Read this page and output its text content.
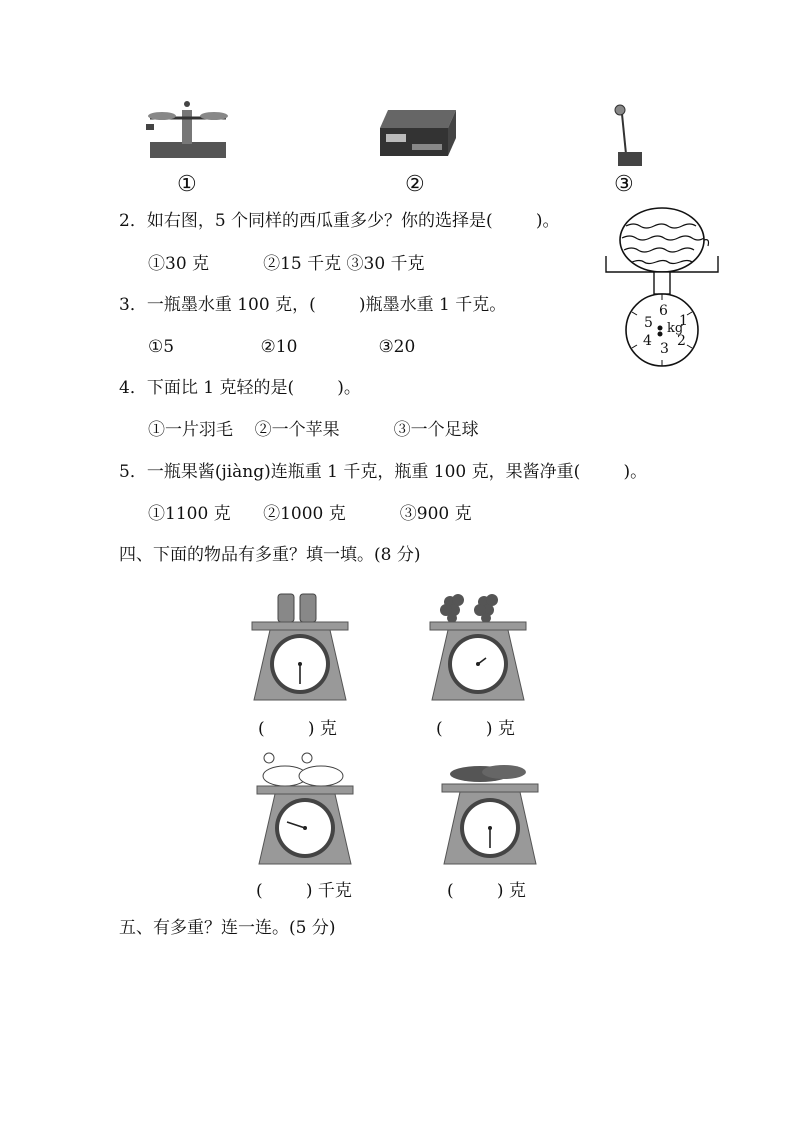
①	②	③
2．如右图，5 个同样的西瓜重多少？你的选择是(        )。
①30 克          ②15 千克 ③30 千克
6
1
2
3
4
5 kg
3．一瓶墨水重 100 克，(        )瓶墨水重 1 千克。
①5                ②10               ③20
4．下面比 1 克轻的是(        )。
①一片羽毛    ②一个苹果          ③一个足球
5．一瓶果酱(jiàng)连瓶重 1 千克，瓶重 100 克，果酱净重(        )。
①1100 克      ②1000 克          ③900 克
四、下面的物品有多重？填一填。(8 分)
(        ) 克	(        ) 克
(        ) 千克	(        ) 克
五、有多重？连一连。(5 分)
